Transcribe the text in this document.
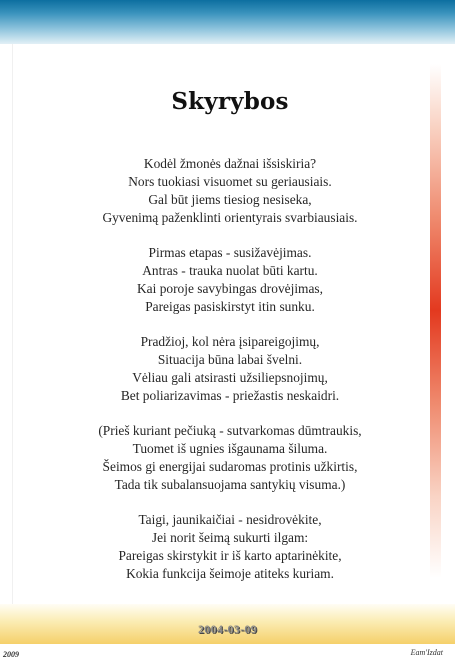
Skyrybos
Kodėl žmonės dažnai išsiskiria?
Nors tuokiasi visuomet su geriausiais.
Gal būt jiems tiesiog nesiseka,
Gyvenimą paženklinti orientyrais svarbiausiais.
Pirmas etapas - susižavėjimas.
Antras - trauka nuolat būti kartu.
Kai poroje savybingas drovėjimas,
Pareigas pasiskirstyt itin sunku.
Pradžioj, kol nėra įsipareigojimų,
Situacija būna labai švelni.
Vėliau gali atsirasti užsiliepsnojimų,
Bet poliarizavimas - priežastis neskaidri.
(Prieš kuriant pečiuką - sutvarkomas dūmtraukis,
Tuomet iš ugnies išgaunama šiluma.
Šeimos gi energijai sudaromas protinis užkirtis,
Tada tik subalansuojama santykių visuma.)
Taigi, jaunikaičiai - nesidrovėkite,
Jei norit šeimą sukurti ilgam:
Pareigas skirstykit ir iš karto aptarinėkite,
Kokia funkcija šeimoje atiteks kuriam.
2004-03-09
2009	Eam'Izdat
